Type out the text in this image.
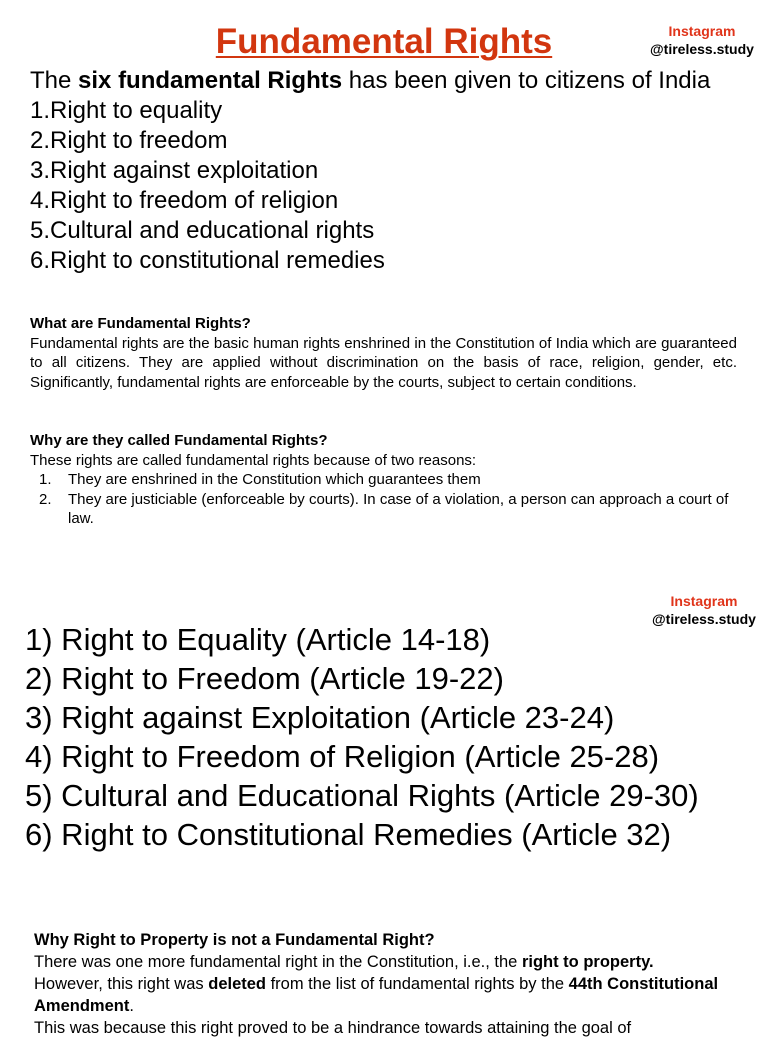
Fundamental Rights	Instagram
@tireless.study
The six fundamental Rights has been given to citizens of India
1.Right to equality
2.Right to freedom
3.Right against exploitation
4.Right to freedom of religion
5.Cultural and educational rights
6.Right to constitutional remedies
What are Fundamental Rights?

Fundamental rights are the basic human rights enshrined in the Constitution of India which are guaranteed to all citizens. They are applied without discrimination on the basis of race, religion, gender, etc. Significantly, fundamental rights are enforceable by the courts, subject to certain conditions.

Why are they called Fundamental Rights?
These rights are called fundamental rights because of two reasons:
1. They are enshrined in the Constitution which guarantees them
2. They are justiciable (enforceable by courts). In case of a violation, a person can approach a court of law.
Instagram
@tireless.study
1) Right to Equality (Article 14-18)
2) Right to Freedom (Article 19-22)
3) Right against Exploitation (Article 23-24)
4) Right to Freedom of Religion (Article 25-28)
5) Cultural and Educational Rights (Article 29-30)
6) Right to Constitutional Remedies (Article 32)
Why Right to Property is not a Fundamental Right?

There was one more fundamental right in the Constitution, i.e., the right to property.

However, this right was deleted from the list of fundamental rights by the 44th Constitutional Amendment.

This was because this right proved to be a hindrance towards attaining the goal of
